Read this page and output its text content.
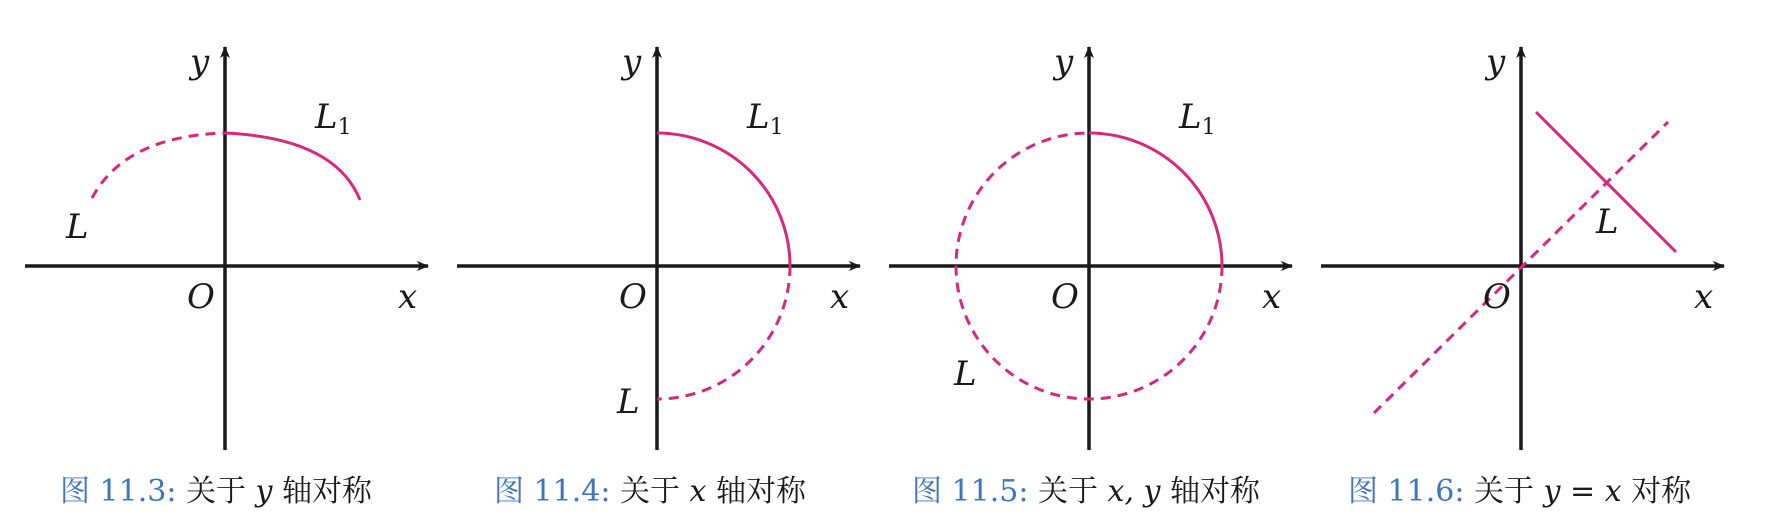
y
x
O
$L_1$
L
图 11.3: 关于 y 轴对称
y
x
O
$L_1$
L
图 11.4: 关于 x 轴对称
y
x
O
$L_1$
L
图 11.5: 关于 x, y 轴对称
y
x
O
L
图 11.6: 关于 y = x 对称
